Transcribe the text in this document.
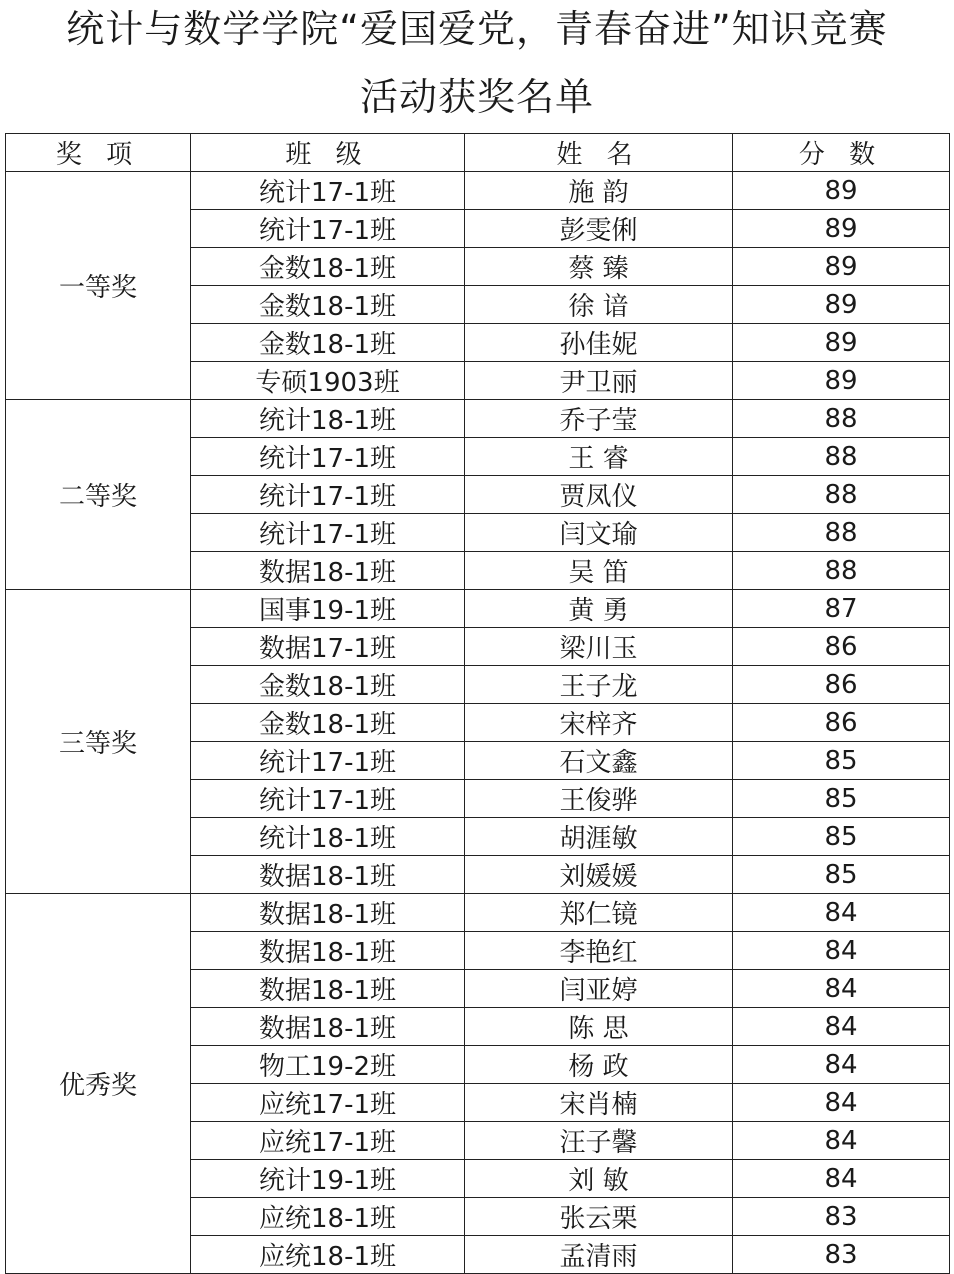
统计与数学学院“爱国爱党，青春奋进”知识竞赛
活动获奖名单
奖 项	班 级	姓 名	分 数
一等奖	统计17-1班	施 韵	89
	统计17-1班	彭雯俐	89
	金数18-1班	蔡 臻	89
	金数18-1班	徐 谙	89
	金数18-1班	孙佳妮	89
	专硕1903班	尹卫丽	89
二等奖	统计18-1班	乔子莹	88
	统计17-1班	王 睿	88
	统计17-1班	贾凤仪	88
	统计17-1班	闫文瑜	88
	数据18-1班	吴 笛	88
三等奖	国事19-1班	黄 勇	87
	数据17-1班	梁川玉	86
	金数18-1班	王子龙	86
	金数18-1班	宋梓齐	86
	统计17-1班	石文鑫	85
	统计17-1班	王俊骅	85
	统计18-1班	胡涯敏	85
	数据18-1班	刘媛媛	85
优秀奖	数据18-1班	郑仁镜	84
	数据18-1班	李艳红	84
	数据18-1班	闫亚婷	84
	数据18-1班	陈 思	84
	物工19-2班	杨 政	84
	应统17-1班	宋肖楠	84
	应统17-1班	汪子馨	84
	统计19-1班	刘 敏	84
	应统18-1班	张云栗	83
	应统18-1班	孟清雨	83
